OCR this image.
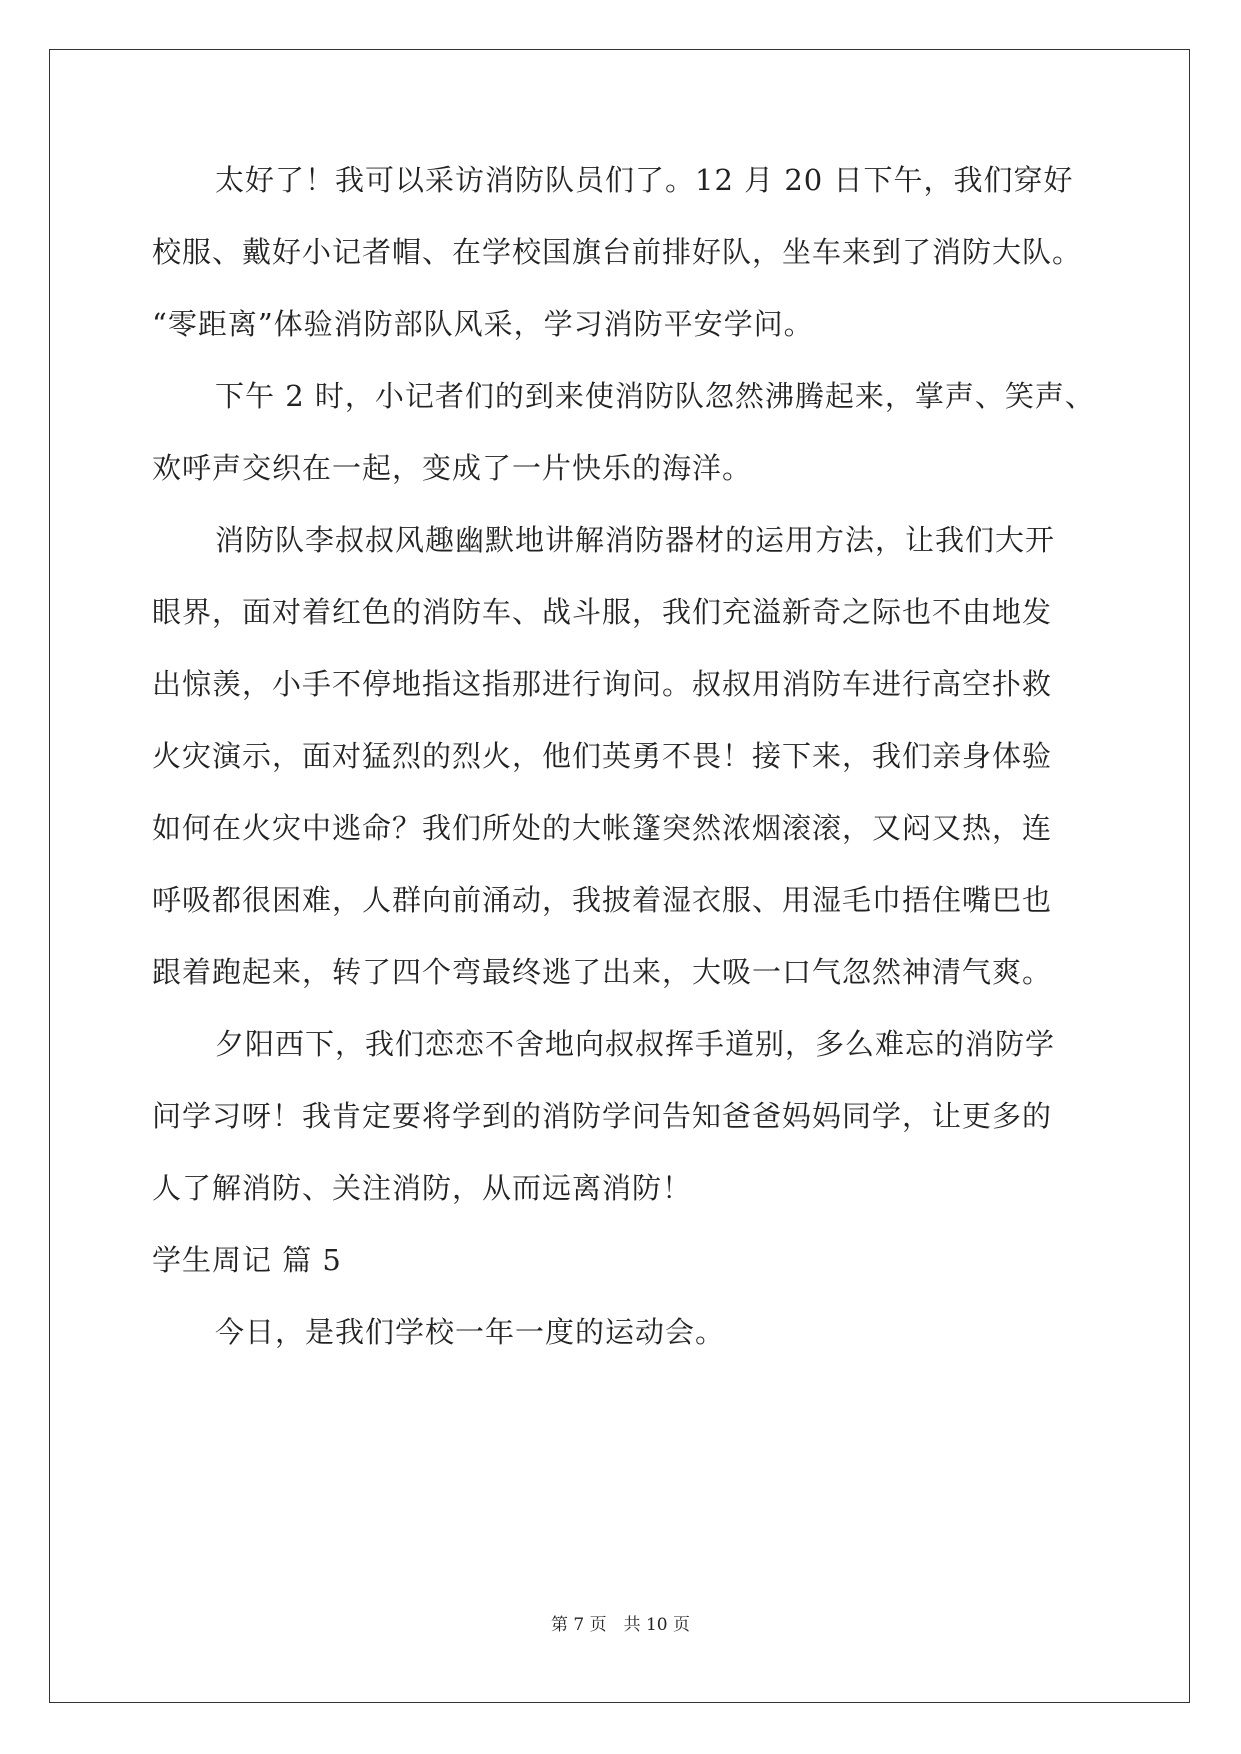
太好了！我可以采访消防队员们了。12 月 20 日下午，我们穿好
校服、戴好小记者帽、在学校国旗台前排好队，坐车来到了消防大队。
“零距离”体验消防部队风采，学习消防平安学问。
下午 2 时，小记者们的到来使消防队忽然沸腾起来，掌声、笑声、
欢呼声交织在一起，变成了一片快乐的海洋。
消防队李叔叔风趣幽默地讲解消防器材的运用方法，让我们大开
眼界，面对着红色的消防车、战斗服，我们充溢新奇之际也不由地发
出惊羡，小手不停地指这指那进行询问。叔叔用消防车进行高空扑救
火灾演示，面对猛烈的烈火，他们英勇不畏！接下来，我们亲身体验
如何在火灾中逃命？我们所处的大帐篷突然浓烟滚滚，又闷又热，连
呼吸都很困难，人群向前涌动，我披着湿衣服、用湿毛巾捂住嘴巴也
跟着跑起来，转了四个弯最终逃了出来，大吸一口气忽然神清气爽。
夕阳西下，我们恋恋不舍地向叔叔挥手道别，多么难忘的消防学
问学习呀！我肯定要将学到的消防学问告知爸爸妈妈同学，让更多的
人了解消防、关注消防，从而远离消防！
学生周记 篇 5
今日，是我们学校一年一度的运动会。
第 7 页　共 10 页
